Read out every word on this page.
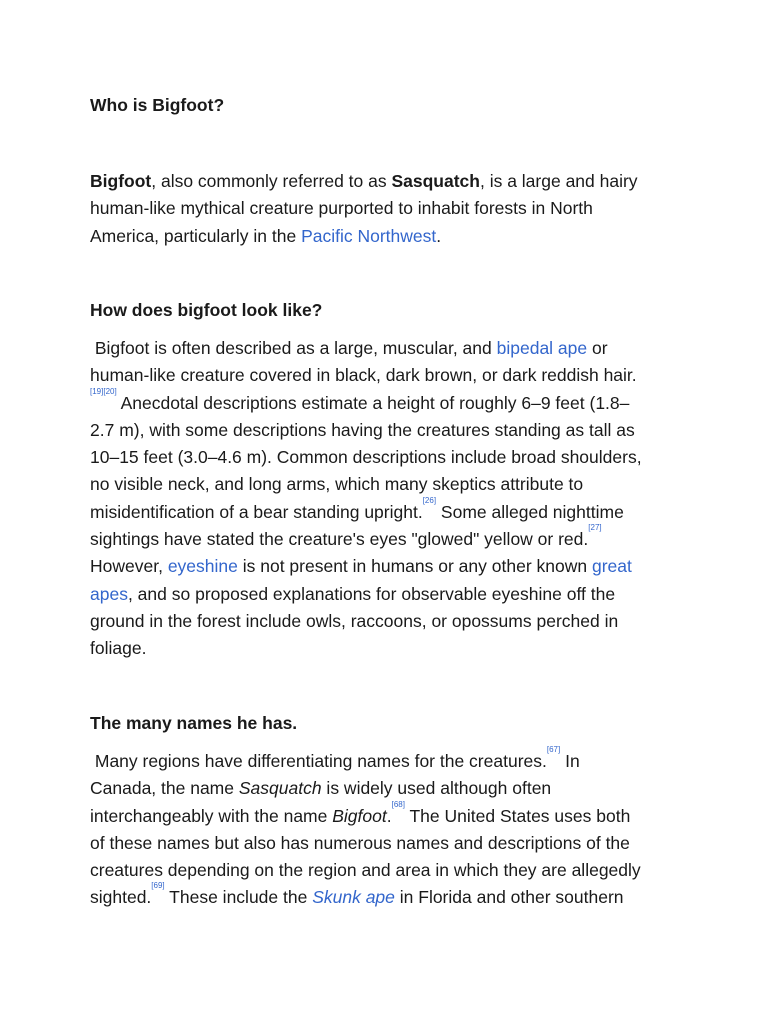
Who is Bigfoot?

Bigfoot, also commonly referred to as Sasquatch, is a large and hairy
human-like mythical creature purported to inhabit forests in North
America, particularly in the Pacific Northwest.

How does bigfoot look like?

Bigfoot is often described as a large, muscular, and bipedal ape or
human-like creature covered in black, dark brown, or dark reddish hair.
[19][20] Anecdotal descriptions estimate a height of roughly 6–9 feet (1.8–
2.7 m), with some descriptions having the creatures standing as tall as
10–15 feet (3.0–4.6 m). Common descriptions include broad shoulders,
no visible neck, and long arms, which many skeptics attribute to
misidentification of a bear standing upright.[26] Some alleged nighttime
sightings have stated the creature's eyes "glowed" yellow or red.[27]
However, eyeshine is not present in humans or any other known great
apes, and so proposed explanations for observable eyeshine off the
ground in the forest include owls, raccoons, or opossums perched in
foliage.

The many names he has.

Many regions have differentiating names for the creatures.[67] In
Canada, the name Sasquatch is widely used although often
interchangeably with the name Bigfoot.[68] The United States uses both
of these names but also has numerous names and descriptions of the
creatures depending on the region and area in which they are allegedly
sighted.[69] These include the Skunk ape in Florida and other southern
